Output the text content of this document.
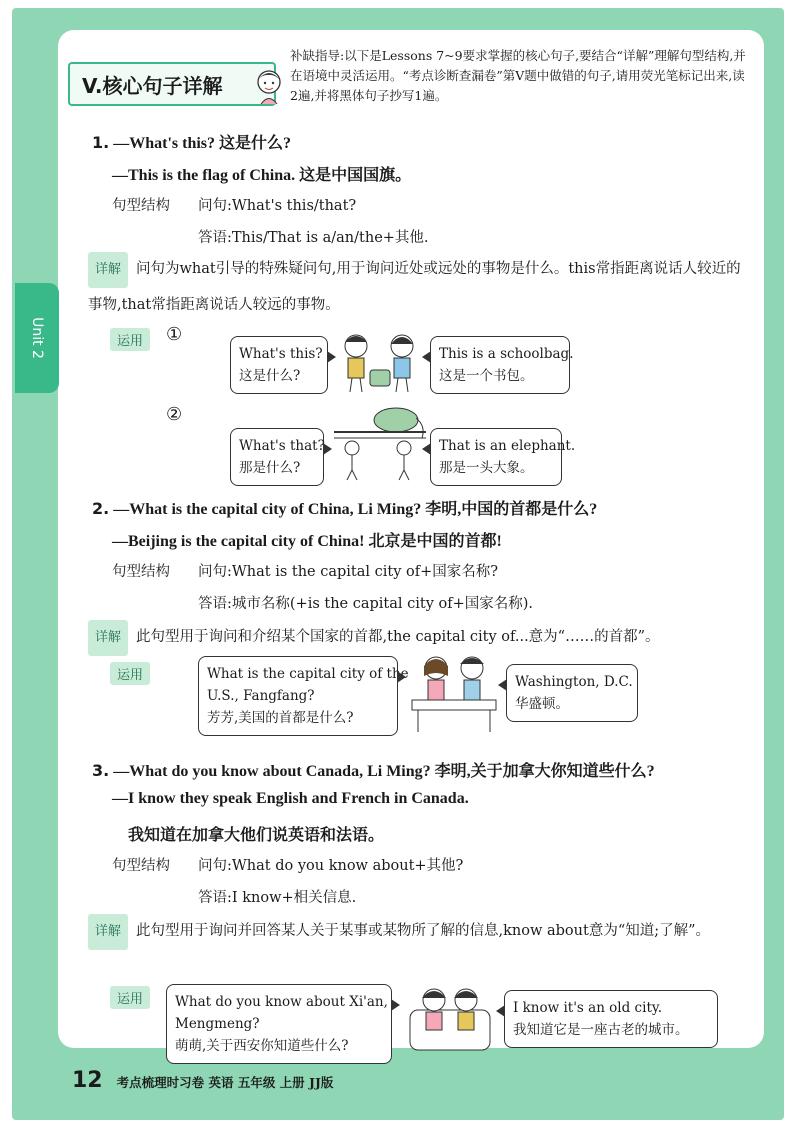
Unit 2
V.核心句子详解
补缺指导:以下是Lessons 7~9要求掌握的核心句子,要结合“详解”理解句型结构,并在语境中灵活运用。“考点诊断查漏卷”第V题中做错的句子,请用荧光笔标记出来,读2遍,并将黑体句子抄写1遍。
1. —What's this? 这是什么?
—This is the flag of China. 这是中国国旗。
句型结构 问句:What's this/that?
答语:This/That is a/an/the+其他.
详解 问句为what引导的特殊疑问句,用于询问近处或远处的事物是什么。this常指距离说话人较近的事物,that常指距离说话人较远的事物。
运用	①
What's this?
这是什么?
This is a schoolbag.
这是一个书包。
②
What's that?
那是什么?
That is an elephant.
那是一头大象。
2. —What is the capital city of China, Li Ming? 李明,中国的首都是什么?
—Beijing is the capital city of China! 北京是中国的首都!
句型结构 问句:What is the capital city of+国家名称?
答语:城市名称(+is the capital city of+国家名称).
详解 此句型用于询问和介绍某个国家的首都,the capital city of...意为“……的首都”。
运用	What is the capital city of the
U.S., Fangfang?
芳芳,美国的首都是什么?
Washington, D.C.
华盛顿。
3. —What do you know about Canada, Li Ming? 李明,关于加拿大你知道些什么?
—I know they speak English and French in Canada.
我知道在加拿大他们说英语和法语。
句型结构 问句:What do you know about+其他?
答语:I know+相关信息.
详解 此句型用于询问并回答某人关于某事或某物所了解的信息,know about意为“知道;了解”。
运用	What do you know about Xi'an,
Mengmeng?
萌萌,关于西安你知道些什么?
I know it's an old city.
我知道它是一座古老的城市。
12 考点梳理时习卷 英语 五年级 上册 JJ版
